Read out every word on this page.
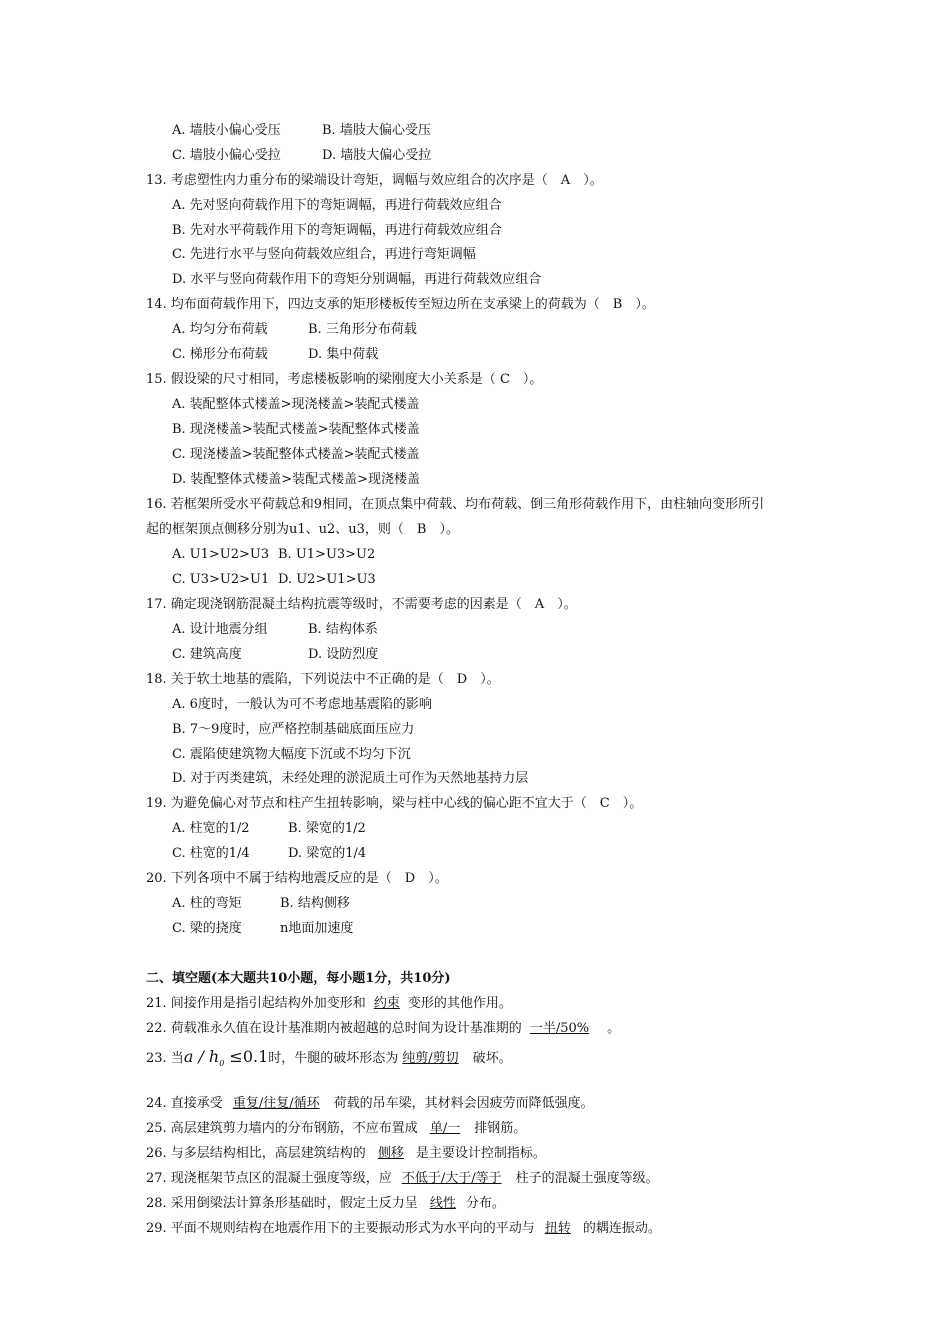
A. 墙肢小偏心受压	B. 墙肢大偏心受压
C. 墙肢小偏心受拉	D. 墙肢大偏心受拉
13. 考虑塑性内力重分布的梁端设计弯矩，调幅与效应组合的次序是（　A　）。
A. 先对竖向荷载作用下的弯矩调幅，再进行荷载效应组合
B. 先对水平荷载作用下的弯矩调幅，再进行荷载效应组合
C. 先进行水平与竖向荷载效应组合，再进行弯矩调幅
D. 水平与竖向荷载作用下的弯矩分别调幅，再进行荷载效应组合
14. 均布面荷载作用下，四边支承的矩形楼板传至短边所在支承梁上的荷载为（　B　）。
A. 均匀分布荷载	B. 三角形分布荷载
C. 梯形分布荷载	D. 集中荷载
15. 假设梁的尺寸相同，考虑楼板影响的梁刚度大小关系是（ C　）。
A. 装配整体式楼盖>现浇楼盖>装配式楼盖
B. 现浇楼盖>装配式楼盖>装配整体式楼盖
C. 现浇楼盖>装配整体式楼盖>装配式楼盖
D. 装配整体式楼盖>装配式楼盖>现浇楼盖
16. 若框架所受水平荷载总和9相同，在顶点集中荷载、均布荷载、倒三角形荷载作用下，由柱轴向变形所引
起的框架顶点侧移分别为u1、u2、u3，则（　B　）。
A. U1>U2>U3 B. U1>U3>U2
C. U3>U2>U1 D. U2>U1>U3
17. 确定现浇钢筋混凝土结构抗震等级时，不需要考虑的因素是（　A　）。
A. 设计地震分组	B. 结构体系
C. 建筑高度	D. 设防烈度
18. 关于软土地基的震陷，下列说法中不正确的是（　D　）。
A. 6度时，一般认为可不考虑地基震陷的影响
B. 7～9度时，应严格控制基础底面压应力
C. 震陷使建筑物大幅度下沉或不均匀下沉
D. 对于丙类建筑，未经处理的淤泥质土可作为天然地基持力层
19. 为避免偏心对节点和柱产生扭转影响，梁与柱中心线的偏心距不宜大于（　C　）。
A. 柱宽的1/2	B. 梁宽的1/2
C. 柱宽的1/4	D. 梁宽的1/4
20. 下列各项中不属于结构地震反应的是（　D　）。
A. 柱的弯矩	B. 结构侧移
C. 梁的挠度	n地面加速度
二、填空题(本大题共10小题，每小题1分，共10分)
21. 间接作用是指引起结构外加变形和 约束 变形的其他作用。
22. 荷载准永久值在设计基准期内被超越的总时间为设计基准期的 一半/50% 。
23. 当$a / h_0 \le 0.1$时，牛腿的破坏形态为 纯剪/剪切 破坏。
24. 直接承受 重复/往复/循环 荷载的吊车梁，其材料会因疲劳而降低强度。
25. 高层建筑剪力墙内的分布钢筋，不应布置成 单/一 排钢筋。
26. 与多层结构相比，高层建筑结构的 侧移 是主要设计控制指标。
27. 现浇框架节点区的混凝土强度等级，应 不低于/大于/等于 柱子的混凝土强度等级。
28. 采用倒梁法计算条形基础时，假定土反力呈 线性 分布。
29. 平面不规则结构在地震作用下的主要振动形式为水平向的平动与 扭转 的耦连振动。
